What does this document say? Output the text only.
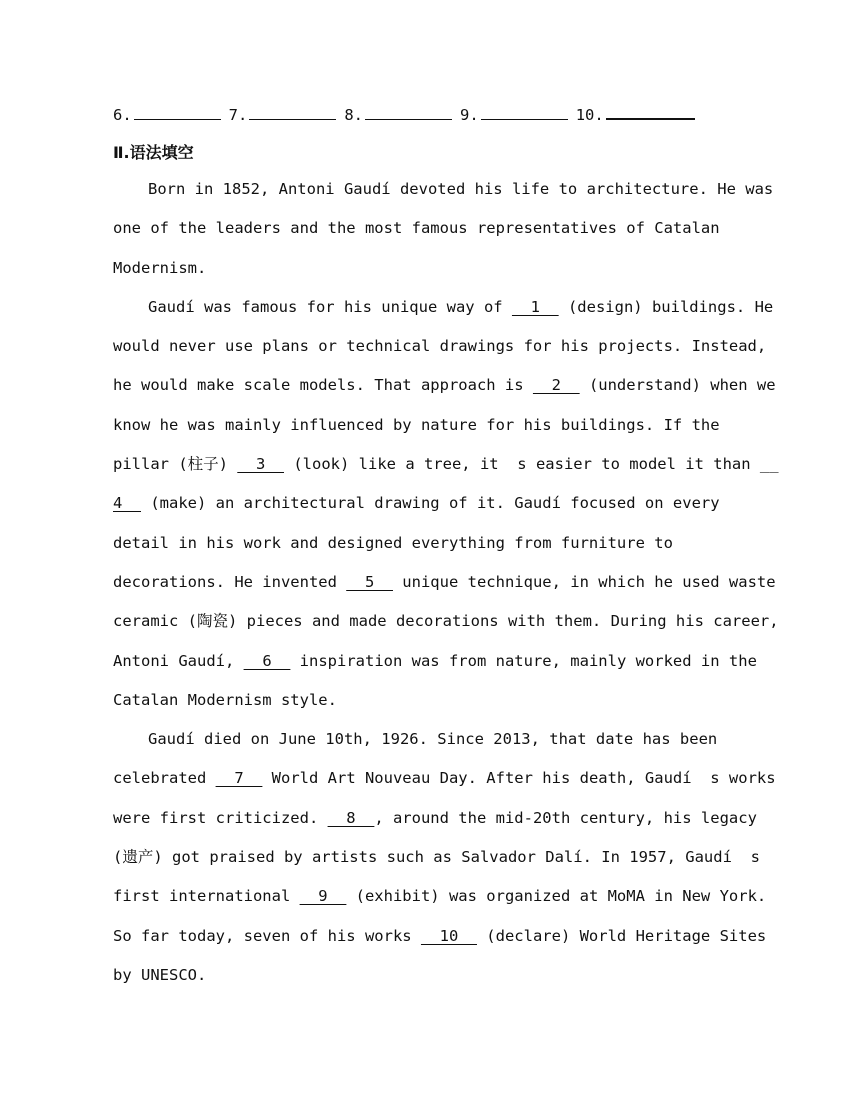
6.	7.	8.	9.	10.
Ⅱ.语法填空
Born in 1852, Antoni Gaudí devoted his life to architecture. He was
one of the leaders and the most famous representatives of Catalan
Modernism.
Gaudí was famous for his unique way of __1__ (design) buildings. He
would never use plans or technical drawings for his projects. Instead,
he would make scale models. That approach is __2__ (understand) when we
know he was mainly influenced by nature for his buildings. If the
pillar (柱子) __3__ (look) like a tree, it  s easier to model it than __
4__ (make) an architectural drawing of it. Gaudí focused on every
detail in his work and designed everything from furniture to
decorations. He invented __5__ unique technique, in which he used waste
ceramic (陶瓷) pieces and made decorations with them. During his career,
Antoni Gaudí, __6__ inspiration was from nature, mainly worked in the
Catalan Modernism style.
Gaudí died on June 10th, 1926. Since 2013, that date has been
celebrated __7__ World Art Nouveau Day. After his death, Gaudí  s works
were first criticized. __8__, around the mid-20th century, his legacy
(遗产) got praised by artists such as Salvador Dalí. In 1957, Gaudí  s
first international __9__ (exhibit) was organized at MoMA in New York.
So far today, seven of his works __10__ (declare) World Heritage Sites
by UNESCO.
